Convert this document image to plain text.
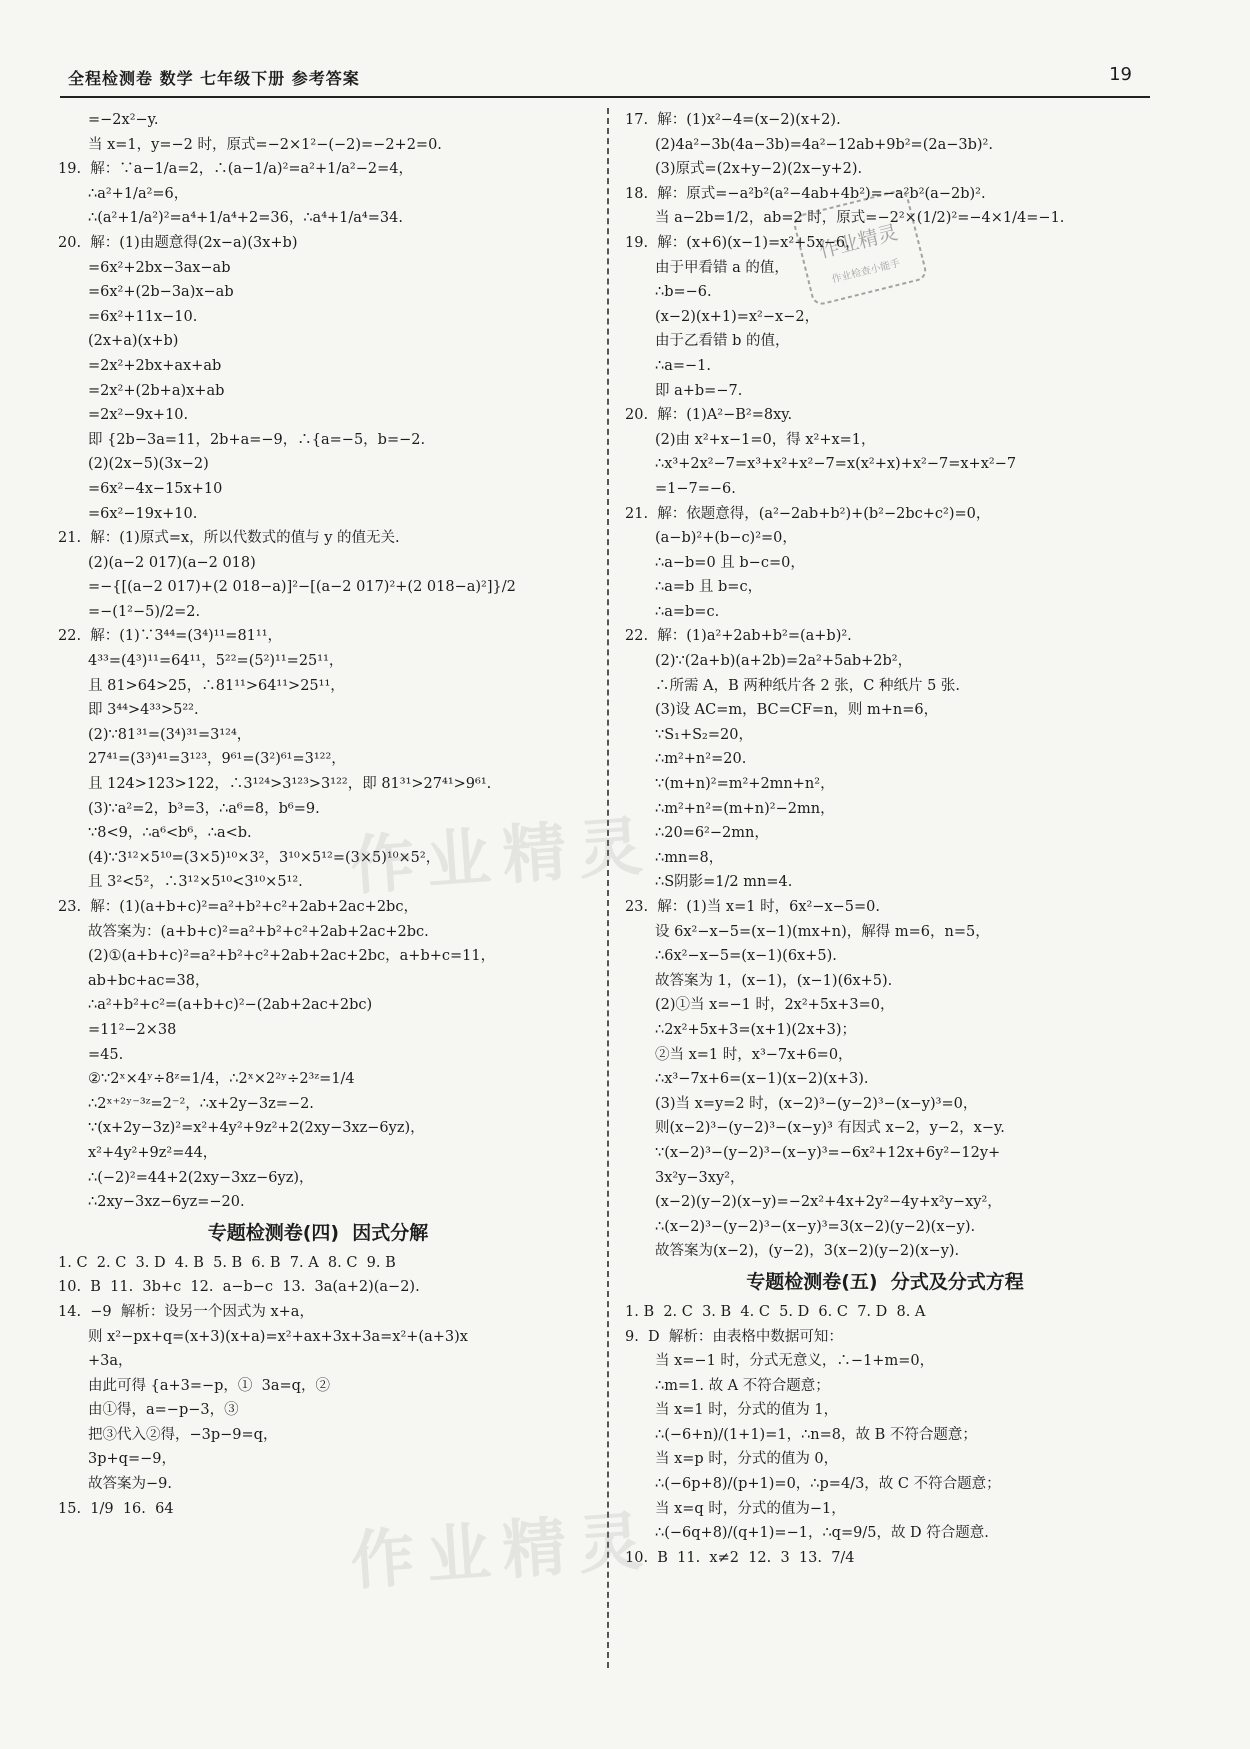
全程检测卷 数学 七年级下册 参考答案	19
=−2x²−y.
当 x=1，y=−2 时，原式=−2×1²−(−2)=−2+2=0.
19.  解：∵a−1/a=2，∴(a−1/a)²=a²+1/a²−2=4，
∴a²+1/a²=6，
∴(a²+1/a²)²=a⁴+1/a⁴+2=36，∴a⁴+1/a⁴=34.
20.  解：(1)由题意得(2x−a)(3x+b)
=6x²+2bx−3ax−ab
=6x²+(2b−3a)x−ab
=6x²+11x−10.
(2x+a)(x+b)
=2x²+2bx+ax+ab
=2x²+(2b+a)x+ab
=2x²−9x+10.
即 {2b−3a=11，2b+a=−9，∴{a=−5，b=−2.
(2)(2x−5)(3x−2)
=6x²−4x−15x+10
=6x²−19x+10.
21.  解：(1)原式=x，所以代数式的值与 y 的值无关.
(2)(a−2 017)(a−2 018)
=−{[(a−2 017)+(2 018−a)]²−[(a−2 017)²+(2 018−a)²]}/2
=−(1²−5)/2=2.
22.  解：(1)∵3⁴⁴=(3⁴)¹¹=81¹¹，
4³³=(4³)¹¹=64¹¹，5²²=(5²)¹¹=25¹¹，
且 81>64>25，∴81¹¹>64¹¹>25¹¹，
即 3⁴⁴>4³³>5²².
(2)∵81³¹=(3⁴)³¹=3¹²⁴，
27⁴¹=(3³)⁴¹=3¹²³，9⁶¹=(3²)⁶¹=3¹²²，
且 124>123>122，∴3¹²⁴>3¹²³>3¹²²，即 81³¹>27⁴¹>9⁶¹.
(3)∵a²=2，b³=3，∴a⁶=8，b⁶=9.
∵8<9，∴a⁶<b⁶，∴a<b.
(4)∵3¹²×5¹⁰=(3×5)¹⁰×3²，3¹⁰×5¹²=(3×5)¹⁰×5²，
且 3²<5²，∴3¹²×5¹⁰<3¹⁰×5¹².
23.  解：(1)(a+b+c)²=a²+b²+c²+2ab+2ac+2bc，
故答案为：(a+b+c)²=a²+b²+c²+2ab+2ac+2bc.
(2)①(a+b+c)²=a²+b²+c²+2ab+2ac+2bc，a+b+c=11，
ab+bc+ac=38，
∴a²+b²+c²=(a+b+c)²−(2ab+2ac+2bc)
=11²−2×38
=45.
②∵2ˣ×4ʸ÷8ᶻ=1/4，∴2ˣ×2²ʸ÷2³ᶻ=1/4
∴2ˣ⁺²ʸ⁻³ᶻ=2⁻²，∴x+2y−3z=−2.
∵(x+2y−3z)²=x²+4y²+9z²+2(2xy−3xz−6yz)，
x²+4y²+9z²=44，
∴(−2)²=44+2(2xy−3xz−6yz)，
∴2xy−3xz−6yz=−20.
专题检测卷(四)  因式分解
1. C  2. C  3. D  4. B  5. B  6. B  7. A  8. C  9. B
10.  B  11.  3b+c  12.  a−b−c  13.  3a(a+2)(a−2).
14.  −9  解析：设另一个因式为 x+a，
则 x²−px+q=(x+3)(x+a)=x²+ax+3x+3a=x²+(a+3)x
+3a，
由此可得 {a+3=−p，①  3a=q，②
由①得，a=−p−3，③
把③代入②得，−3p−9=q，
3p+q=−9，
故答案为−9.
15.  1/9  16.  64
17.  解：(1)x²−4=(x−2)(x+2).
(2)4a²−3b(4a−3b)=4a²−12ab+9b²=(2a−3b)².
(3)原式=(2x+y−2)(2x−y+2).
18.  解：原式=−a²b²(a²−4ab+4b²)=−a²b²(a−2b)².
当 a−2b=1/2，ab=2 时，原式=−2²×(1/2)²=−4×1/4=−1.
19.  解：(x+6)(x−1)=x²+5x−6，
由于甲看错 a 的值，
∴b=−6.
(x−2)(x+1)=x²−x−2，
由于乙看错 b 的值，
∴a=−1.
即 a+b=−7.
20.  解：(1)A²−B²=8xy.
(2)由 x²+x−1=0，得 x²+x=1，
∴x³+2x²−7=x³+x²+x²−7=x(x²+x)+x²−7=x+x²−7
=1−7=−6.
21.  解：依题意得，(a²−2ab+b²)+(b²−2bc+c²)=0，
(a−b)²+(b−c)²=0，
∴a−b=0 且 b−c=0，
∴a=b 且 b=c，
∴a=b=c.
22.  解：(1)a²+2ab+b²=(a+b)².
(2)∵(2a+b)(a+2b)=2a²+5ab+2b²，
∴所需 A，B 两种纸片各 2 张，C 种纸片 5 张.
(3)设 AC=m，BC=CF=n，则 m+n=6，
∵S₁+S₂=20，
∴m²+n²=20.
∵(m+n)²=m²+2mn+n²，
∴m²+n²=(m+n)²−2mn，
∴20=6²−2mn，
∴mn=8，
∴S阴影=1/2 mn=4.
23.  解：(1)当 x=1 时，6x²−x−5=0.
设 6x²−x−5=(x−1)(mx+n)，解得 m=6，n=5，
∴6x²−x−5=(x−1)(6x+5).
故答案为 1，(x−1)，(x−1)(6x+5).
(2)①当 x=−1 时，2x²+5x+3=0，
∴2x²+5x+3=(x+1)(2x+3)；
②当 x=1 时，x³−7x+6=0，
∴x³−7x+6=(x−1)(x−2)(x+3).
(3)当 x=y=2 时，(x−2)³−(y−2)³−(x−y)³=0，
则(x−2)³−(y−2)³−(x−y)³ 有因式 x−2，y−2，x−y.
∵(x−2)³−(y−2)³−(x−y)³=−6x²+12x+6y²−12y+
3x²y−3xy²，
(x−2)(y−2)(x−y)=−2x²+4x+2y²−4y+x²y−xy²，
∴(x−2)³−(y−2)³−(x−y)³=3(x−2)(y−2)(x−y).
故答案为(x−2)，(y−2)，3(x−2)(y−2)(x−y).
专题检测卷(五)  分式及分式方程
1. B  2. C  3. B  4. C  5. D  6. C  7. D  8. A
9.  D  解析：由表格中数据可知：
当 x=−1 时，分式无意义，∴−1+m=0，
∴m=1. 故 A 不符合题意；
当 x=1 时，分式的值为 1，
∴(−6+n)/(1+1)=1，∴n=8，故 B 不符合题意；
当 x=p 时，分式的值为 0，
∴(−6p+8)/(p+1)=0，∴p=4/3，故 C 不符合题意；
当 x=q 时，分式的值为−1，
∴(−6q+8)/(q+1)=−1，∴q=9/5，故 D 符合题意.
10.  B  11.  x≠2  12.  3  13.  7/4
作业精灵
作业精灵
作业精灵
作业检查小能手
